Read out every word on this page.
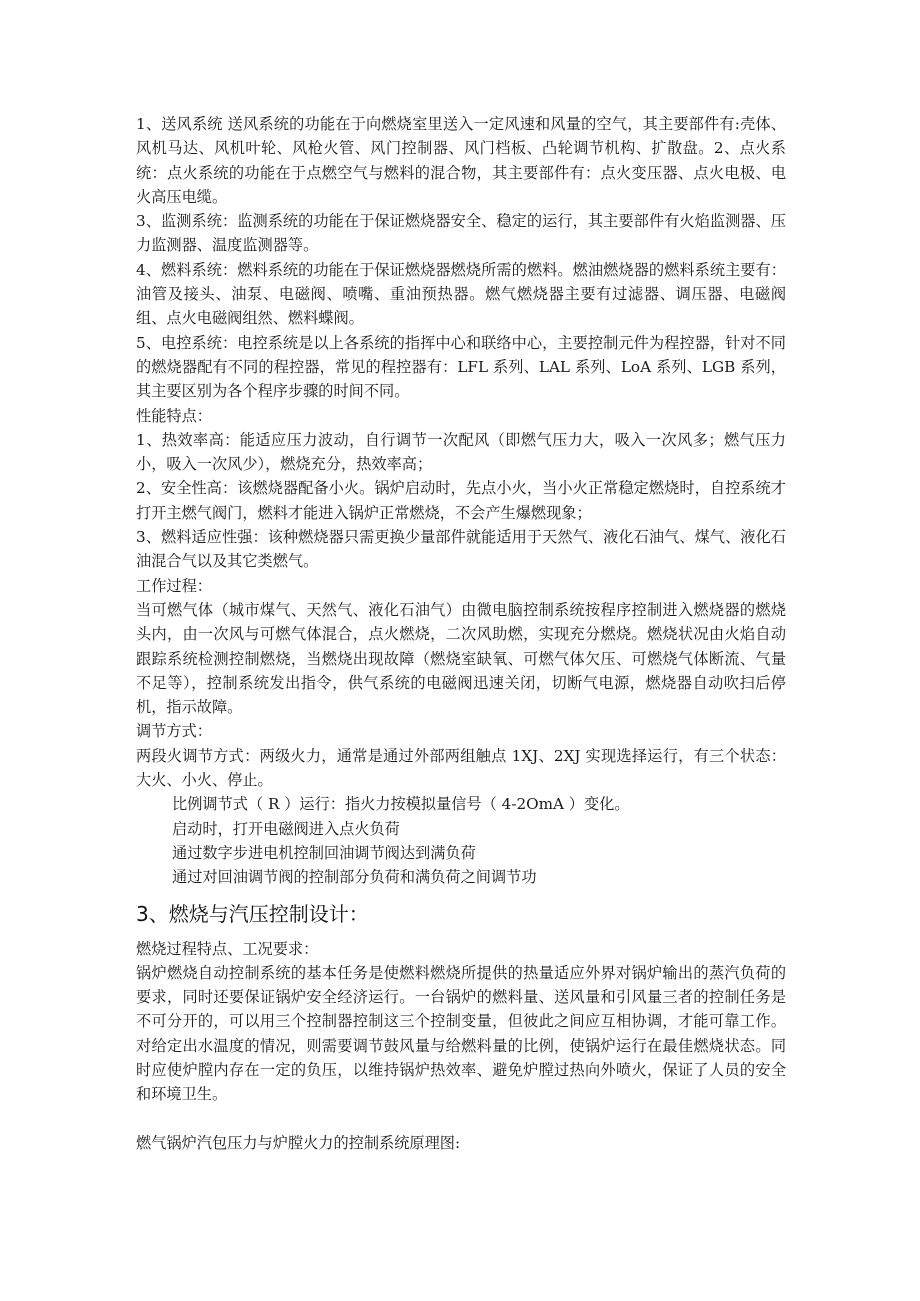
1、送风系统 送风系统的功能在于向燃烧室里送入一定风速和风量的空气，其主要部件有:壳体、风机马达、风机叶轮、风枪火管、风门控制器、风门档板、凸轮调节机构、扩散盘。2、点火系统：点火系统的功能在于点燃空气与燃料的混合物，其主要部件有：点火变压器、点火电极、电火高压电缆。

3、监测系统：监测系统的功能在于保证燃烧器安全、稳定的运行，其主要部件有火焰监测器、压力监测器、温度监测器等。

4、燃料系统：燃料系统的功能在于保证燃烧器燃烧所需的燃料。燃油燃烧器的燃料系统主要有：油管及接头、油泵、电磁阀、喷嘴、重油预热器。燃气燃烧器主要有过滤器、调压器、电磁阀组、点火电磁阀组然、燃料蝶阀。

5、电控系统：电控系统是以上各系统的指挥中心和联络中心，主要控制元件为程控器，针对不同的燃烧器配有不同的程控器，常见的程控器有：LFL 系列、LAL 系列、LoA 系列、LGB 系列，其主要区别为各个程序步骤的时间不同。

性能特点：

1、热效率高：能适应压力波动，自行调节一次配风（即燃气压力大，吸入一次风多；燃气压力小，吸入一次风少），燃烧充分，热效率高；

2、安全性高：该燃烧器配备小火。锅炉启动时，先点小火，当小火正常稳定燃烧时，自控系统才打开主燃气阀门，燃料才能进入锅炉正常燃烧，不会产生爆燃现象；

3、燃料适应性强：该种燃烧器只需更换少量部件就能适用于天然气、液化石油气、煤气、液化石油混合气以及其它类燃气。

工作过程：

当可燃气体（城市煤气、天然气、液化石油气）由微电脑控制系统按程序控制进入燃烧器的燃烧头内，由一次风与可燃气体混合，点火燃烧，二次风助燃，实现充分燃烧。燃烧状况由火焰自动跟踪系统检测控制燃烧，当燃烧出现故障（燃烧室缺氧、可燃气体欠压、可燃烧气体断流、气量不足等），控制系统发出指令，供气系统的电磁阀迅速关闭，切断气电源，燃烧器自动吹扫后停机，指示故障。

调节方式：

两段火调节方式：两级火力，通常是通过外部两组触点 1XJ、2XJ 实现选择运行，有三个状态：大火、小火、停止。

比例调节式（ R ）运行：指火力按模拟量信号（ 4-2OmA ）变化。

启动时，打开电磁阀进入点火负荷

通过数字步进电机控制回油调节阀达到满负荷

通过对回油调节阀的控制部分负荷和满负荷之间调节功

3、燃烧与汽压控制设计：

燃烧过程特点、工况要求：

锅炉燃烧自动控制系统的基本任务是使燃料燃烧所提供的热量适应外界对锅炉输出的蒸汽负荷的要求，同时还要保证锅炉安全经济运行。一台锅炉的燃料量、送风量和引风量三者的控制任务是不可分开的，可以用三个控制器控制这三个控制变量，但彼此之间应互相协调，才能可靠工作。对给定出水温度的情况，则需要调节鼓风量与给燃料量的比例，使锅炉运行在最佳燃烧状态。同时应使炉膛内存在一定的负压，以维持锅炉热效率、避免炉膛过热向外喷火，保证了人员的安全和环境卫生。

燃气锅炉汽包压力与炉膛火力的控制系统原理图:
